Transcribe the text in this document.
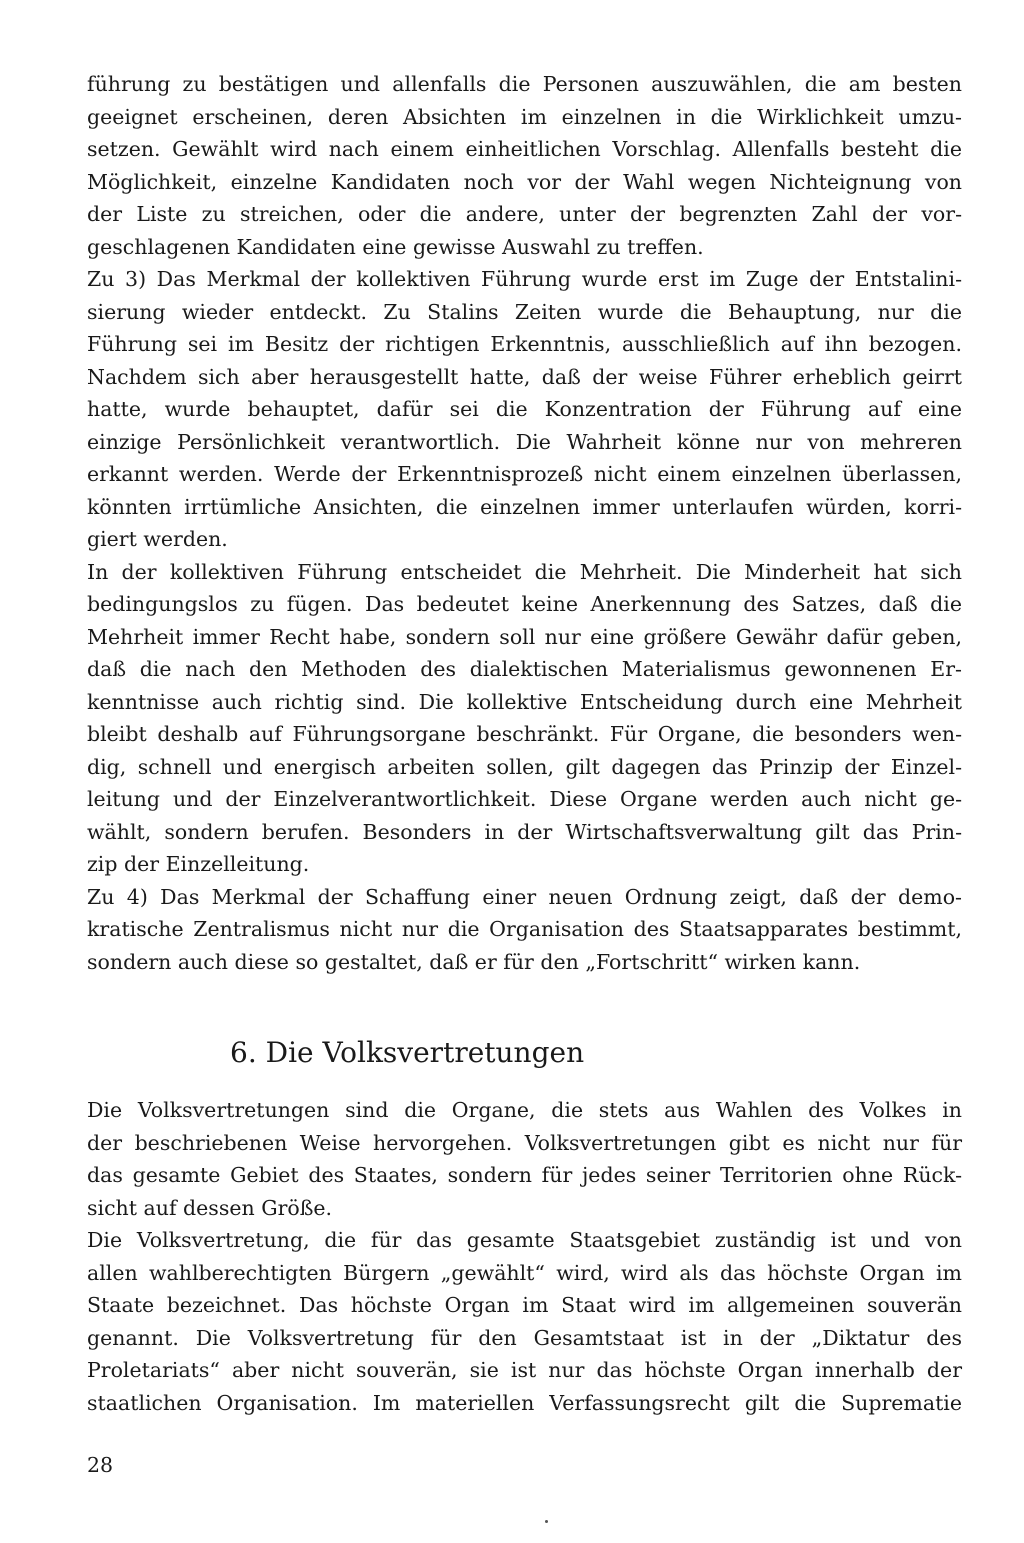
führung zu bestätigen und allenfalls die Personen auszuwählen, die am besten
geeignet erscheinen, deren Absichten im einzelnen in die Wirklichkeit umzu-
setzen. Gewählt wird nach einem einheitlichen Vorschlag. Allenfalls besteht die
Möglichkeit, einzelne Kandidaten noch vor der Wahl wegen Nichteignung von
der Liste zu streichen, oder die andere, unter der begrenzten Zahl der vor-
geschlagenen Kandidaten eine gewisse Auswahl zu treffen.
Zu 3) Das Merkmal der kollektiven Führung wurde erst im Zuge der Entstalini-
sierung wieder entdeckt. Zu Stalins Zeiten wurde die Behauptung, nur die
Führung sei im Besitz der richtigen Erkenntnis, ausschließlich auf ihn bezogen.
Nachdem sich aber herausgestellt hatte, daß der weise Führer erheblich geirrt
hatte, wurde behauptet, dafür sei die Konzentration der Führung auf eine
einzige Persönlichkeit verantwortlich. Die Wahrheit könne nur von mehreren
erkannt werden. Werde der Erkenntnisprozeß nicht einem einzelnen überlassen,
könnten irrtümliche Ansichten, die einzelnen immer unterlaufen würden, korri-
giert werden.
In der kollektiven Führung entscheidet die Mehrheit. Die Minderheit hat sich
bedingungslos zu fügen. Das bedeutet keine Anerkennung des Satzes, daß die
Mehrheit immer Recht habe, sondern soll nur eine größere Gewähr dafür geben,
daß die nach den Methoden des dialektischen Materialismus gewonnenen Er-
kenntnisse auch richtig sind. Die kollektive Entscheidung durch eine Mehrheit
bleibt deshalb auf Führungsorgane beschränkt. Für Organe, die besonders wen-
dig, schnell und energisch arbeiten sollen, gilt dagegen das Prinzip der Einzel-
leitung und der Einzelverantwortlichkeit. Diese Organe werden auch nicht ge-
wählt, sondern berufen. Besonders in der Wirtschaftsverwaltung gilt das Prin-
zip der Einzelleitung.
Zu 4) Das Merkmal der Schaffung einer neuen Ordnung zeigt, daß der demo-
kratische Zentralismus nicht nur die Organisation des Staatsapparates bestimmt,
sondern auch diese so gestaltet, daß er für den „Fortschritt“ wirken kann.
6. Die Volksvertretungen
Die Volksvertretungen sind die Organe, die stets aus Wahlen des Volkes in
der beschriebenen Weise hervorgehen. Volksvertretungen gibt es nicht nur für
das gesamte Gebiet des Staates, sondern für jedes seiner Territorien ohne Rück-
sicht auf dessen Größe.
Die Volksvertretung, die für das gesamte Staatsgebiet zuständig ist und von
allen wahlberechtigten Bürgern „gewählt“ wird, wird als das höchste Organ im
Staate bezeichnet. Das höchste Organ im Staat wird im allgemeinen souverän
genannt. Die Volksvertretung für den Gesamtstaat ist in der „Diktatur des
Proletariats“ aber nicht souverän, sie ist nur das höchste Organ innerhalb der
staatlichen Organisation. Im materiellen Verfassungsrecht gilt die Suprematie
28
